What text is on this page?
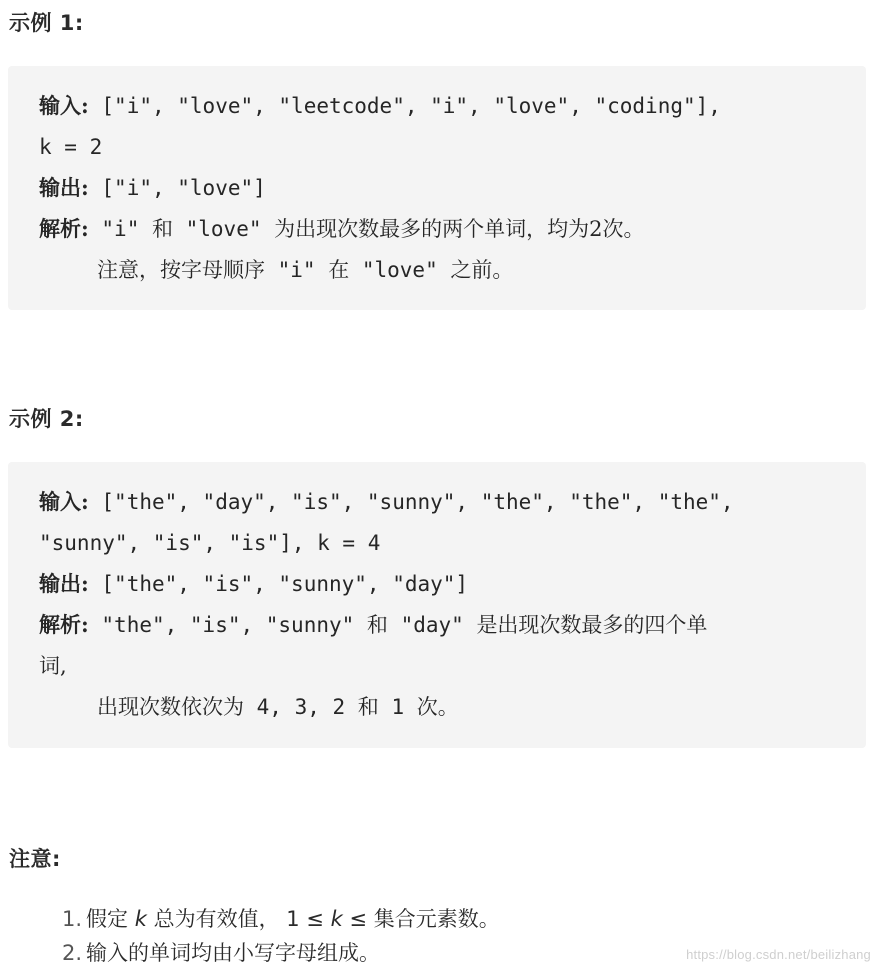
示例 1:
输入: ["i", "love", "leetcode", "i", "love", "coding"],
k = 2
输出: ["i", "love"]
解析: "i" 和 "love" 为出现次数最多的两个单词，均为2次。
注意，按字母顺序 "i" 在 "love" 之前。
示例 2:
输入: ["the", "day", "is", "sunny", "the", "the", "the",
"sunny", "is", "is"], k = 4
输出: ["the", "is", "sunny", "day"]
解析: "the", "is", "sunny" 和 "day" 是出现次数最多的四个单
词,
出现次数依次为 4, 3, 2 和 1 次。
注意:
1. 假定 k 总为有效值， 1 ≤ k ≤ 集合元素数。
2. 输入的单词均由小写字母组成。	https://blog.csdn.net/beilizhang
